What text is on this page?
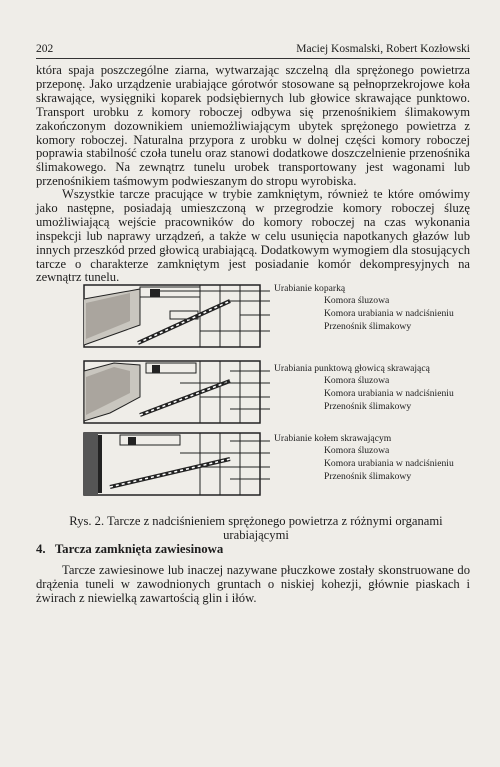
202	Maciej Kosmalski, Robert Kozłowski

która spaja poszczególne ziarna, wytwarzając szczelną dla sprężonego powietrza przeponę. Jako urządzenie urabiające górotwór stosowane są pełnoprzekrojowe koła skrawające, wysięgniki koparek podsiębiernych lub głowice skrawające punktowo. Transport urobku z komory roboczej odbywa się przenośnikiem ślimakowym zakończonym dozownikiem uniemożliwiającym ubytek sprężonego powietrza z komory roboczej. Naturalna przypora z urobku w dolnej części komory roboczej poprawia stabilność czoła tunelu oraz stanowi dodatkowe doszczelnienie przenośnika ślimakowego. Na zewnątrz tunelu urobek transportowany jest wagonami lub przenośnikiem taśmowym podwieszanym do stropu wyrobiska.

Wszystkie tarcze pracujące w trybie zamkniętym, również te które omówimy jako następne, posiadają umieszczoną w przegrodzie komory roboczej śluzę umożliwiającą wejście pracowników do komory roboczej na czas wykonania inspekcji lub naprawy urządzeń, a także w celu usunięcia napotkanych głazów lub innych przeszkód przed głowicą urabiającą. Dodatkowym wymogiem dla stosujących tarcze o charakterze zamkniętym jest posiadanie komór dekompresyjnych na zewnątrz tunelu.

Urabianie koparką
Komora śluzowa
Komora urabiania w nadciśnieniu
Przenośnik ślimakowy
Urabiania punktową głowicą skrawającą
Komora śluzowa
Komora urabiania w nadciśnieniu
Przenośnik ślimakowy
Urabianie kołem skrawającym
Komora śluzowa
Komora urabiania w nadciśnieniu
Przenośnik ślimakowy
Rys. 2. Tarcze z nadciśnieniem sprężonego powietrza z różnymi organami urabiającymi
4. Tarcza zamknięta zawiesinowa

Tarcze zawiesinowe lub inaczej nazywane płuczkowe zostały skonstruowane do drążenia tuneli w zawodnionych gruntach o niskiej kohezji, głównie piaskach i żwirach z niewielką zawartością glin i iłów.
